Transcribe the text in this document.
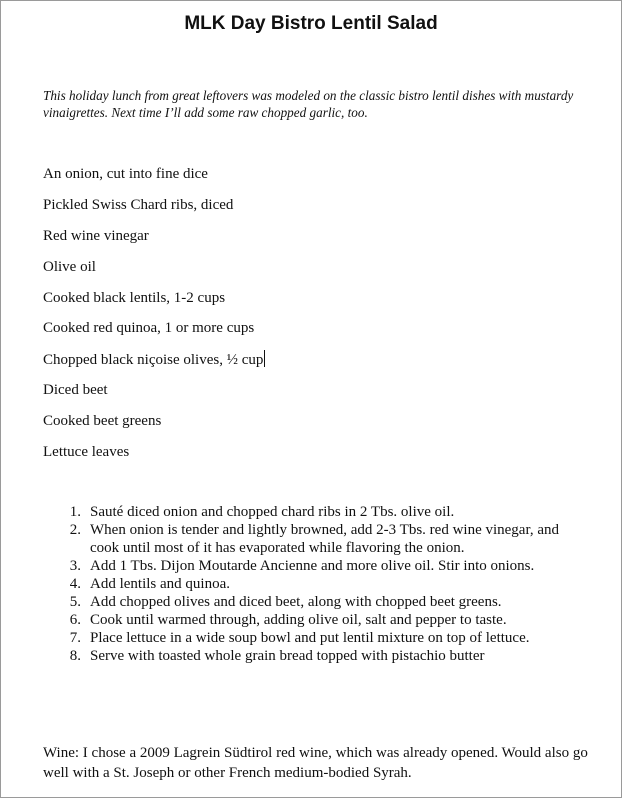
MLK Day Bistro Lentil Salad
This holiday lunch from great leftovers was modeled on the classic bistro lentil dishes with mustardy vinaigrettes. Next time I’ll add some raw chopped garlic, too.
An onion, cut into fine dice
Pickled Swiss Chard ribs, diced
Red wine vinegar
Olive oil
Cooked black lentils, 1-2 cups
Cooked red quinoa, 1 or more cups
Chopped black niçoise olives, ½ cup
Diced beet
Cooked beet greens
Lettuce leaves
1. Sauté diced onion and chopped chard ribs in 2 Tbs. olive oil.
2. When onion is tender and lightly browned, add 2-3 Tbs. red wine vinegar, and cook until most of it has evaporated while flavoring the onion.
3. Add 1 Tbs. Dijon Moutarde Ancienne and more olive oil. Stir into onions.
4. Add lentils and quinoa.
5. Add chopped olives and diced beet, along with chopped beet greens.
6. Cook until warmed through, adding olive oil, salt and pepper to taste.
7. Place lettuce in a wide soup bowl and put lentil mixture on top of lettuce.
8. Serve with toasted whole grain bread topped with pistachio butter
Wine: I chose a 2009 Lagrein Südtirol red wine, which was already opened. Would also go well with a St. Joseph or other French medium-bodied Syrah.
